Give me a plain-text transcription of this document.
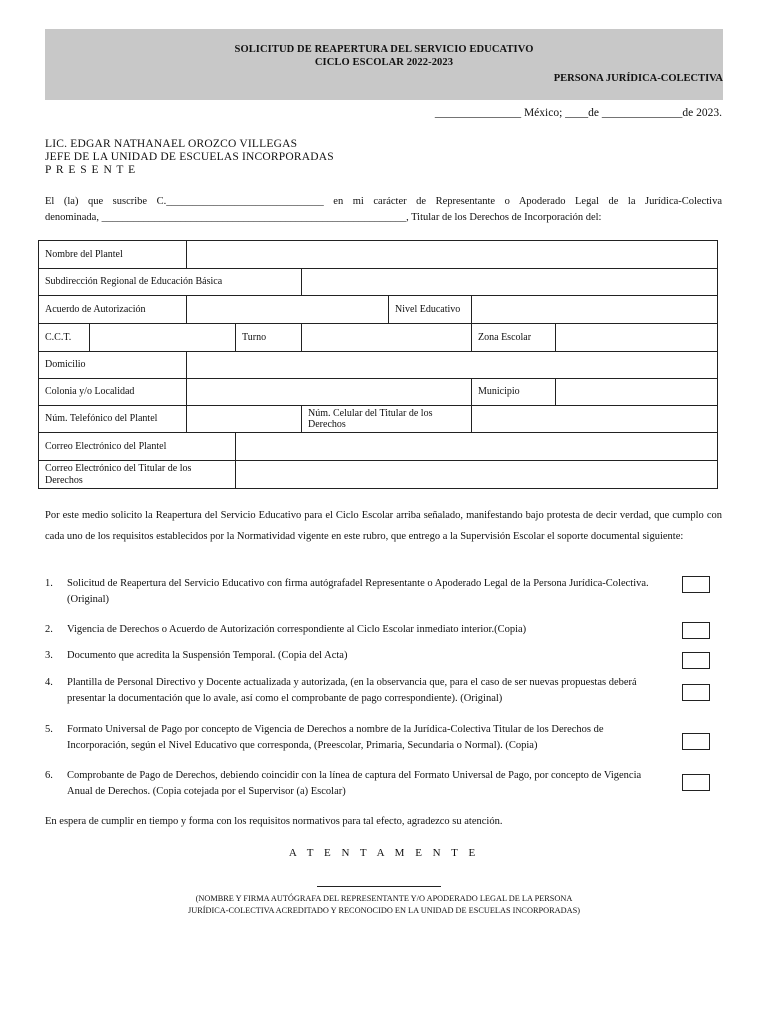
SOLICITUD DE REAPERTURA DEL SERVICIO EDUCATIVO
CICLO ESCOLAR 2022-2023
PERSONA JURÍDICA-COLECTIVA
_______________ México; ____de ______________de 2023.
LIC. EDGAR NATHANAEL OROZCO VILLEGAS
JEFE DE LA UNIDAD DE ESCUELAS INCORPORADAS
P R E S E N T E
El (la) que suscribe C.______________________________ en mi carácter de Representante o Apoderado Legal de la Jurídica-Colectiva
denominada, __________________________________________________________, Titular de los Derechos de Incorporación del:
Nombre del Plantel							
Subdirección Regional de Educación Básica							
Acuerdo de Autorización					Nivel Educativo		
C.C.T.			Turno			Zona Escolar	
Domicilio							
Colonia y/o Localidad						Municipio	
Núm. Telefónico del Plantel				Núm. Celular del Titular de los Derechos			
Correo Electrónico del Plantel							
Correo Electrónico del Titular de los Derechos							
Por este medio solicito la Reapertura del Servicio Educativo para el Ciclo Escolar arriba señalado, manifestando bajo protesta de decir verdad, que cumplo con cada uno de los requisitos establecidos por la Normatividad vigente en este rubro, que entrego a la Supervisión Escolar el soporte documental siguiente:
1. Solicitud de Reapertura del Servicio Educativo con firma autógrafadel Representante o Apoderado Legal de la Persona Jurídica-Colectiva. (Original)
2. Vigencia de Derechos o Acuerdo de Autorización correspondiente al Ciclo Escolar inmediato interior.(Copia)
3. Documento que acredita la Suspensión Temporal. (Copia del Acta)
4. Plantilla de Personal Directivo y Docente actualizada y autorizada, (en la observancia que, para el caso de ser nuevas propuestas deberá presentar la documentación que lo avale, así como el comprobante de pago correspondiente). (Original)
5. Formato Universal de Pago por concepto de Vigencia de Derechos a nombre de la Jurídica-Colectiva Titular de los Derechos de Incorporación, según el Nivel Educativo que corresponda, (Preescolar, Primaria, Secundaria o Normal). (Copia)
6. Comprobante de Pago de Derechos, debiendo coincidir con la línea de captura del Formato Universal de Pago, por concepto de Vigencia Anual de Derechos. (Copia cotejada por el Supervisor (a) Escolar)
En espera de cumplir en tiempo y forma con los requisitos normativos para tal efecto, agradezco su atención.
A T E N T A M E N T E
(NOMBRE Y FIRMA AUTÓGRAFA DEL REPRESENTANTE Y/O APODERADO LEGAL DE LA PERSONA
JURÍDICA-COLECTIVA ACREDITADO Y RECONOCIDO EN LA UNIDAD DE ESCUELAS INCORPORADAS)
